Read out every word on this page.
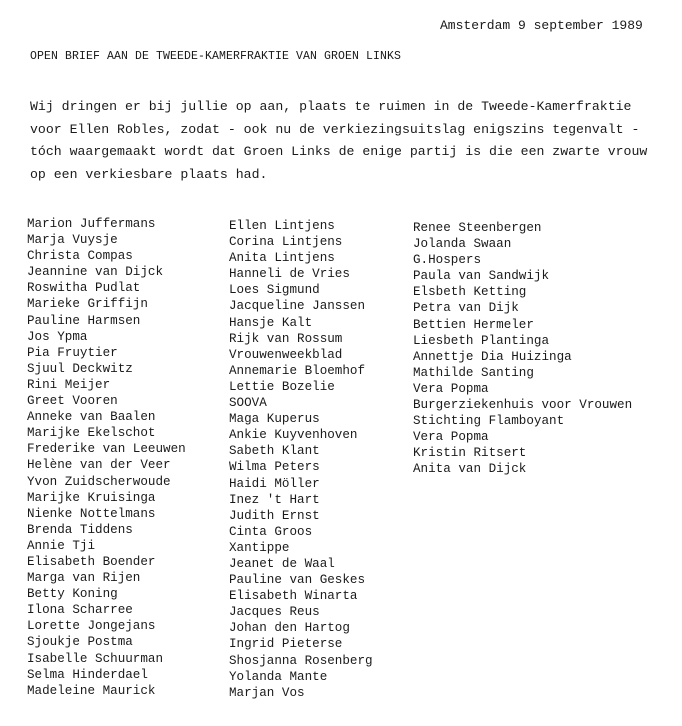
Amsterdam 9 september 1989
OPEN BRIEF AAN DE TWEEDE-KAMERFRAKTIE VAN GROEN LINKS
Wij dringen er bij jullie op aan, plaats te ruimen in de Tweede-Kamerfraktie
voor Ellen Robles, zodat - ook nu de verkiezingsuitslag enigszins tegenvalt -
tóch waargemaakt wordt dat Groen Links de enige partij is die een zwarte vrouw
op een verkiesbare plaats had.
Marion Juffermans
Marja Vuysje
Christa Compas
Jeannine van Dijck
Roswitha Pudlat
Marieke Griffijn
Pauline Harmsen
Jos Ypma
Pia Fruytier
Sjuul Deckwitz
Rini Meijer
Greet Vooren
Anneke van Baalen
Marijke Ekelschot
Frederike van Leeuwen
Helène van der Veer
Yvon Zuidscherwoude
Marijke Kruisinga
Nienke Nottelmans
Brenda Tiddens
Annie Tji
Elisabeth Boender
Marga van Rijen
Betty Koning
Ilona Scharree
Lorette Jongejans
Sjoukje Postma
Isabelle Schuurman
Selma Hinderdael
Madeleine Maurick
Ellen Lintjens
Corina Lintjens
Anita Lintjens
Hanneli de Vries
Loes Sigmund
Jacqueline Janssen
Hansje Kalt
Rijk van Rossum
Vrouwenweekblad
Annemarie Bloemhof
Lettie Bozelie
SOOVA
Maga Kuperus
Ankie Kuyvenhoven
Sabeth Klant
Wilma Peters
Haidi Möller
Inez 't Hart
Judith Ernst
Cinta Groos
Xantippe
Jeanet de Waal
Pauline van Geskes
Elisabeth Winarta
Jacques Reus
Johan den Hartog
Ingrid Pieterse
Shosjanna Rosenberg
Yolanda Mante
Marjan Vos
Renee Steenbergen
Jolanda Swaan
G.Hospers
Paula van Sandwijk
Elsbeth Ketting
Petra van Dijk
Bettien Hermeler
Liesbeth Plantinga
Annettje Dia Huizinga
Mathilde Santing
Vera Popma
Burgerziekenhuis voor Vrouwen
Stichting Flamboyant
Vera Popma
Kristin Ritsert
Anita van Dijck
